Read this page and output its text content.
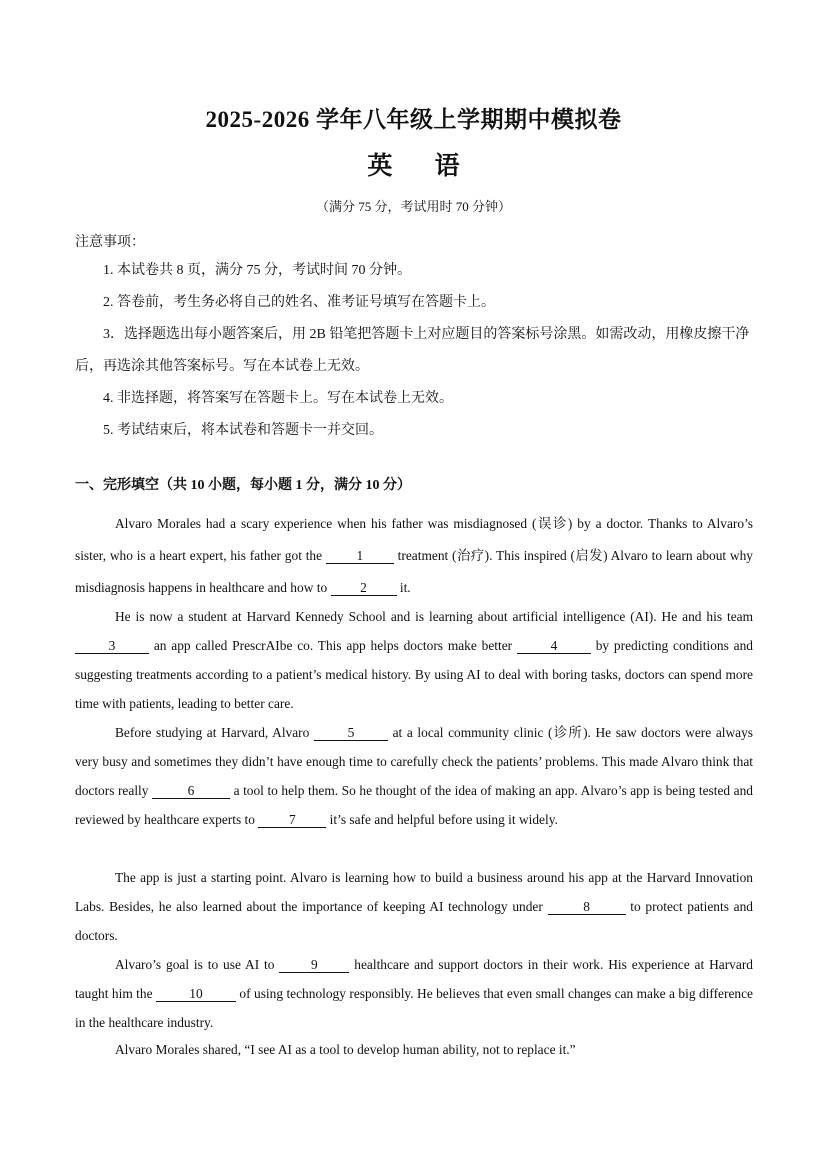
2025-2026 学年八年级上学期期中模拟卷
英 语
（满分 75 分，考试用时 70 分钟）
注意事项：
1. 本试卷共 8 页，满分 75 分，考试时间 70 分钟。
2. 答卷前，考生务必将自己的姓名、准考证号填写在答题卡上。
3．选择题选出每小题答案后，用 2B 铅笔把答题卡上对应题目的答案标号涂黑。如需改动，用橡皮擦干净后，再选涂其他答案标号。写在本试卷上无效。
4. 非选择题，将答案写在答题卡上。写在本试卷上无效。
5. 考试结束后，将本试卷和答题卡一并交回。
一、完形填空（共 10 小题，每小题 1 分，满分 10 分）
Alvaro Morales had a scary experience when his father was misdiagnosed (误诊) by a doctor. Thanks to Alvaro’s sister, who is a heart expert, his father got the	1	treatment (治疗). This inspired (启发) Alvaro to learn about why misdiagnosis happens in healthcare and how to 2 it.
He is now a student at Harvard Kennedy School and is learning about artificial intelligence (AI). He and his team 3	an app called PrescrAIbe co. This app helps doctors make better	4	by predicting conditions and suggesting treatments according to a patient’s medical history. By using AI to deal with boring tasks, doctors can spend more time with patients, leading to better care.
Before studying at Harvard, Alvaro	5	at a local community clinic (诊所). He saw doctors were always very busy and sometimes they didn’t have enough time to carefully check the patients’ problems. This made Alvaro think that doctors really	6	a tool to help them. So he thought of the idea of making an app. Alvaro’s app is being tested and reviewed by healthcare experts to	7	it’s safe and helpful before using it widely.
The app is just a starting point. Alvaro is learning how to build a business around his app at the Harvard Innovation Labs. Besides, he also learned about the importance of keeping AI technology under	8	to protect patients and doctors.
Alvaro’s goal is to use AI to	9	healthcare and support doctors in their work. His experience at Harvard taught him the	10	of using technology responsibly. He believes that even small changes can make a big difference in the healthcare industry.
Alvaro Morales shared, “I see AI as a tool to develop human ability, not to replace it.”
